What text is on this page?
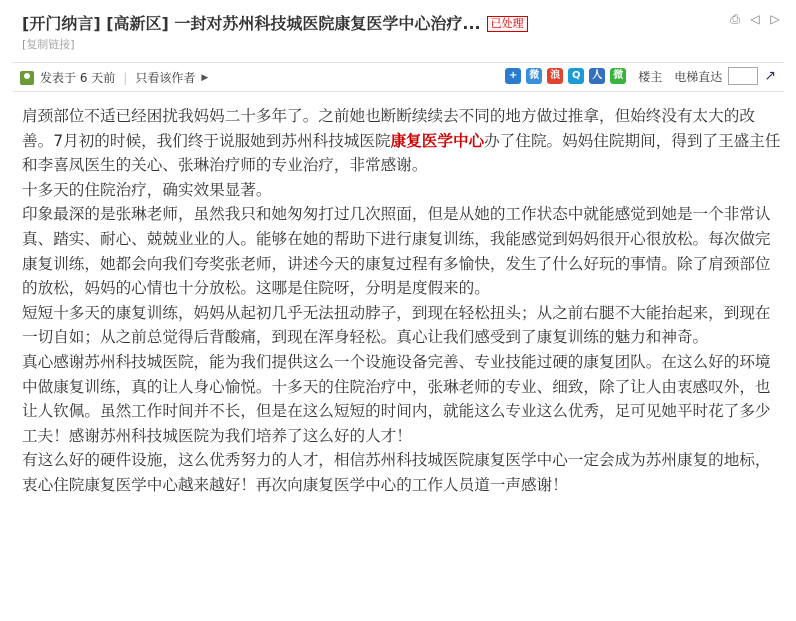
[开门纳言] [高新区] 一封对苏州科技城医院康复医学中心治疗... 已处理
[复制链接]
⎙ ◁ ▷
发表于
6 天前 | 只看该作者 ▶	+	微	浪	Q	人	微 楼主 电梯直达	↗

肩颈部位不适已经困扰我妈妈二十多年了。之前她也断断续续去不同的地方做过推拿，但始终没有太大的改善。7月初的时候，我们终于说服她到苏州科技城医院康复医学中心办了住院。妈妈住院期间，得到了王盛主任和李喜凤医生的关心、张琳治疗师的专业治疗，非常感谢。

十多天的住院治疗，确实效果显著。

印象最深的是张琳老师，虽然我只和她匆匆打过几次照面，但是从她的工作状态中就能感觉到她是一个非常认真、踏实、耐心、兢兢业业的人。能够在她的帮助下进行康复训练，我能感觉到妈妈很开心很放松。每次做完康复训练，她都会向我们夸奖张老师，讲述今天的康复过程有多愉快，发生了什么好玩的事情。除了肩颈部位的放松，妈妈的心情也十分放松。这哪是住院呀，分明是度假来的。

短短十多天的康复训练，妈妈从起初几乎无法扭动脖子，到现在轻松扭头；从之前右腿不大能抬起来，到现在一切自如；从之前总觉得后背酸痛，到现在浑身轻松。真心让我们感受到了康复训练的魅力和神奇。

真心感谢苏州科技城医院，能为我们提供这么一个设施设备完善、专业技能过硬的康复团队。在这么好的环境中做康复训练，真的让人身心愉悦。十多天的住院治疗中，张琳老师的专业、细致，除了让人由衷感叹外，也让人钦佩。虽然工作时间并不长，但是在这么短短的时间内，就能这么专业这么优秀，足可见她平时花了多少工夫！感谢苏州科技城医院为我们培养了这么好的人才！

有这么好的硬件设施，这么优秀努力的人才，相信苏州科技城医院康复医学中心一定会成为苏州康复的地标，衷心住院康复医学中心越来越好！再次向康复医学中心的工作人员道一声感谢！
